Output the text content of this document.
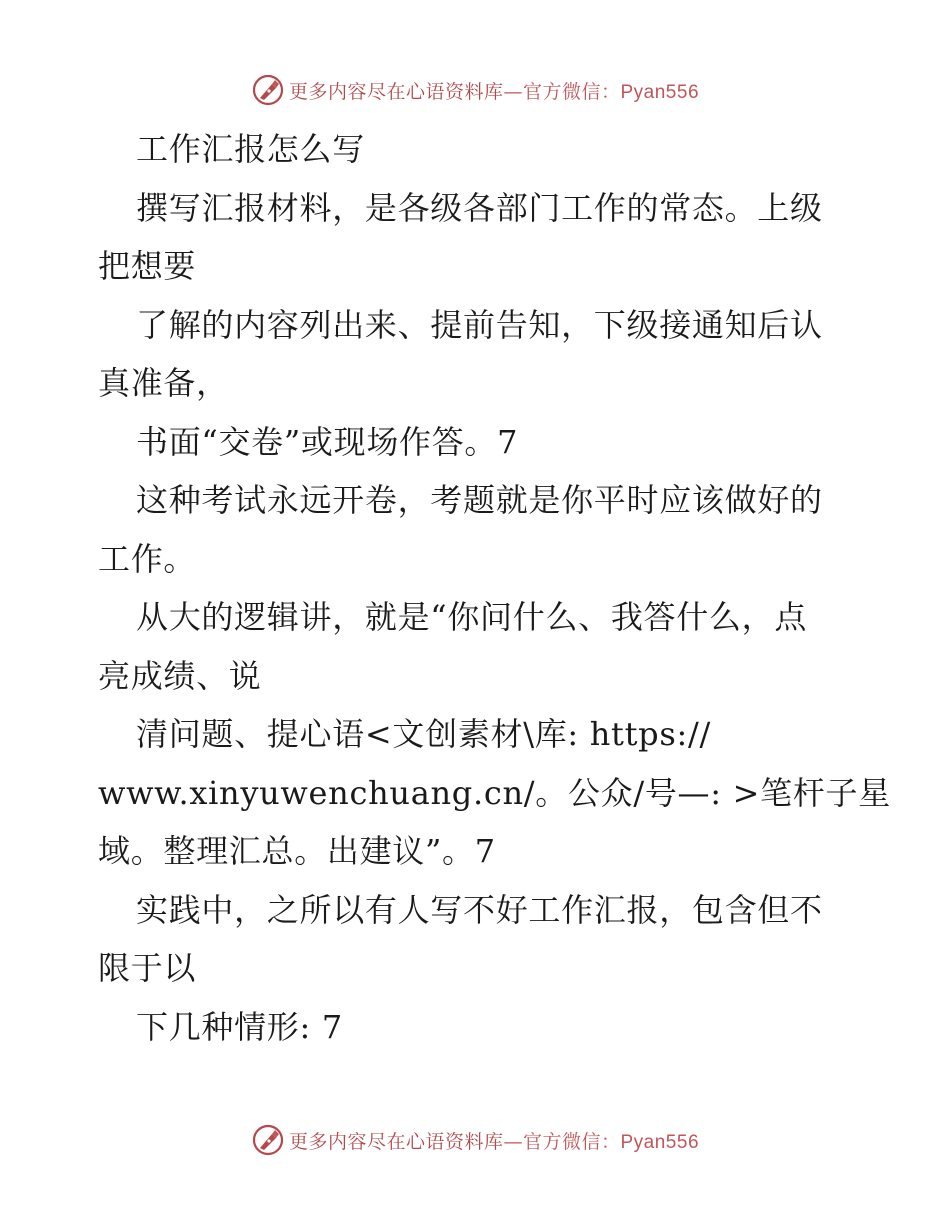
更多内容尽在心语资料库—官方微信：Pyan556
工作汇报怎么写
撰写汇报材料，是各级各部门工作的常态。上级
把想要
了解的内容列出来、提前告知，下级接通知后认
真准备，
书面“交卷”或现场作答。7
这种考试永远开卷，考题就是你平时应该做好的
工作。
从大的逻辑讲，就是“你问什么、我答什么，点
亮成绩、说
清问题、提心语<文创素材\库: https://
www.xinyuwenchuang.cn/。公众/号—: >笔杆子星
域。整理汇总。出建议”。7
实践中，之所以有人写不好工作汇报，包含但不
限于以
下几种情形: 7
更多内容尽在心语资料库—官方微信：Pyan556
